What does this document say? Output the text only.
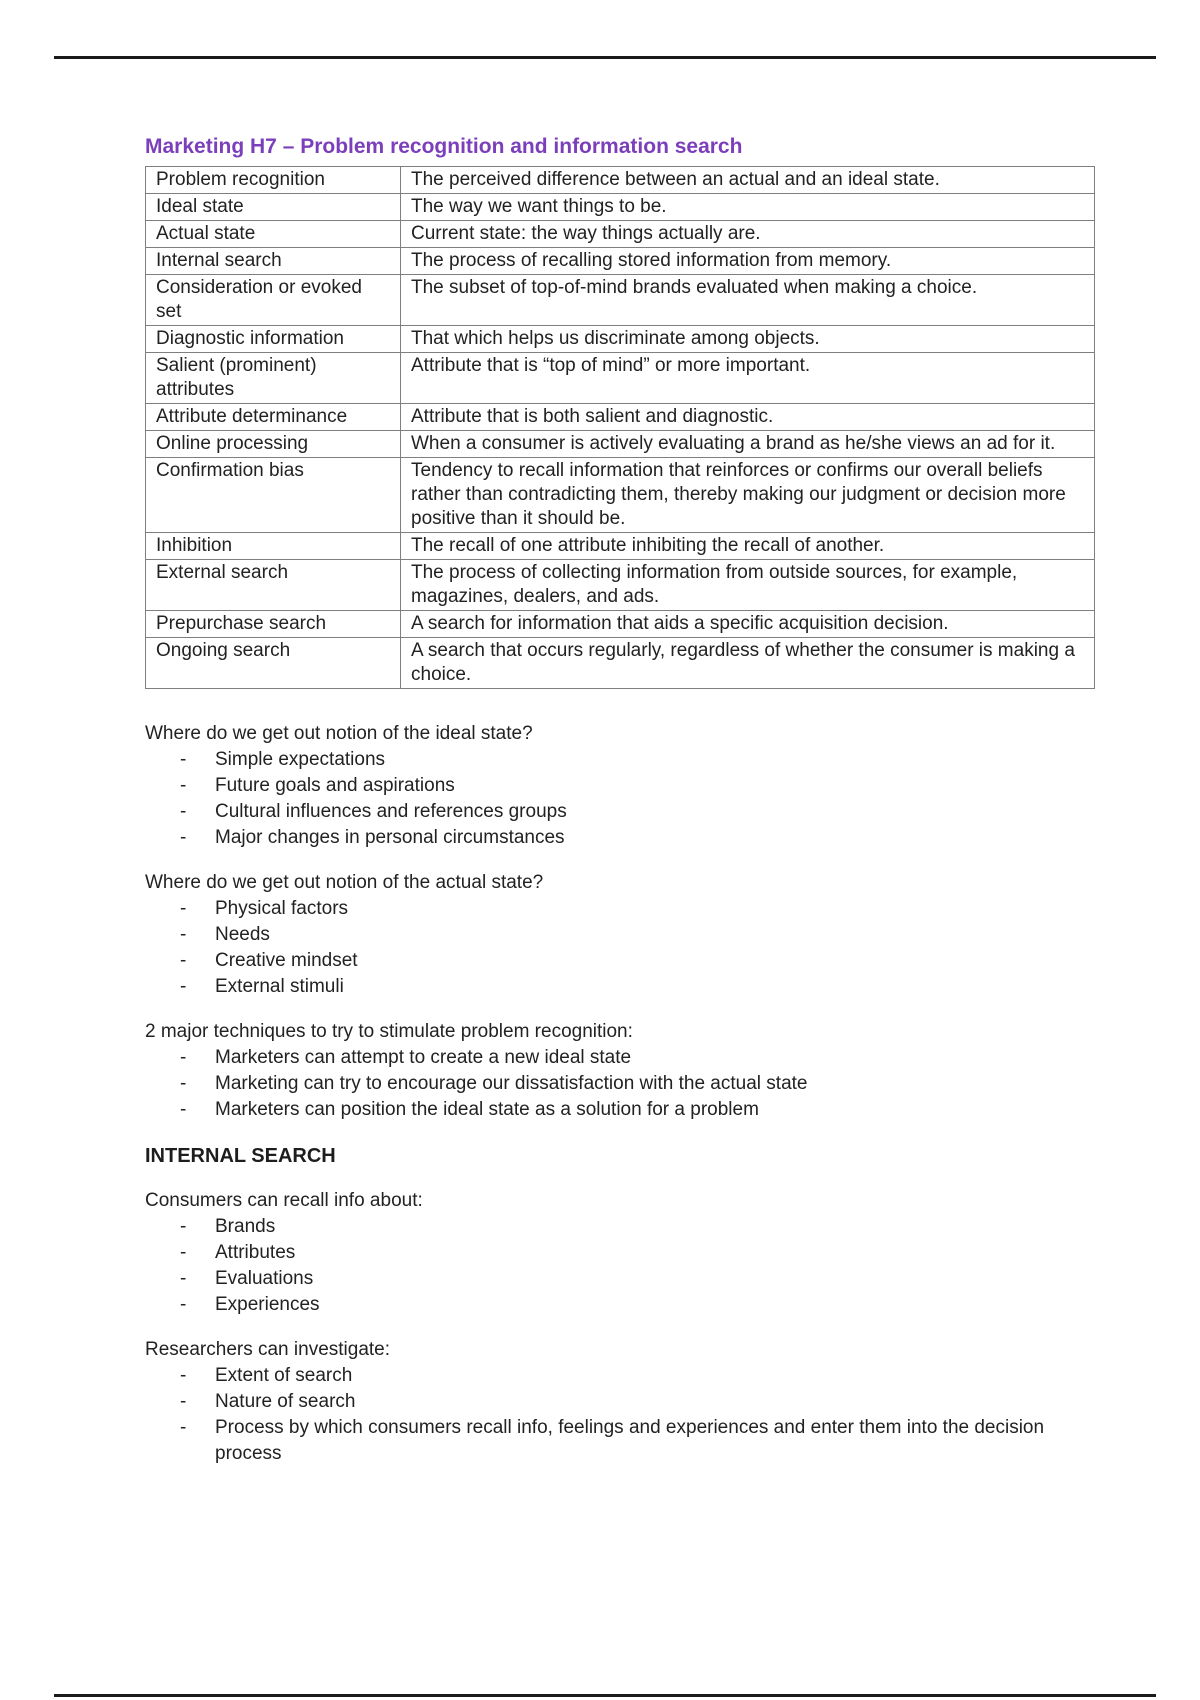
Marketing H7 – Problem recognition and information search
Problem recognition	The perceived difference between an actual and an ideal state.
Ideal state	The way we want things to be.
Actual state	Current state: the way things actually are.
Internal search	The process of recalling stored information from memory.
Consideration or evoked set	The subset of top-of-mind brands evaluated when making a choice.
Diagnostic information	That which helps us discriminate among objects.
Salient (prominent) attributes	Attribute that is “top of mind” or more important.
Attribute determinance	Attribute that is both salient and diagnostic.
Online processing	When a consumer is actively evaluating a brand as he/she views an ad for it.
Confirmation bias	Tendency to recall information that reinforces or confirms our overall beliefs rather than contradicting them, thereby making our judgment or decision more positive than it should be.
Inhibition	The recall of one attribute inhibiting the recall of another.
External search	The process of collecting information from outside sources, for example, magazines, dealers, and ads.
Prepurchase search	A search for information that aids a specific acquisition decision.
Ongoing search	A search that occurs regularly, regardless of whether the consumer is making a choice.

Where do we get out notion of the ideal state?

-	Simple expectations
-	Future goals and aspirations
-	Cultural influences and references groups
-	Major changes in personal circumstances

Where do we get out notion of the actual state?

-	Physical factors
-	Needs
-	Creative mindset
-	External stimuli

2 major techniques to try to stimulate problem recognition:

-	Marketers can attempt to create a new ideal state
-	Marketing can try to encourage our dissatisfaction with the actual state
-	Marketers can position the ideal state as a solution for a problem
INTERNAL SEARCH

Consumers can recall info about:

-	Brands
-	Attributes
-	Evaluations
-	Experiences

Researchers can investigate:

-	Extent of search
-	Nature of search
-	Process by which consumers recall info, feelings and experiences and enter them into the decision process
